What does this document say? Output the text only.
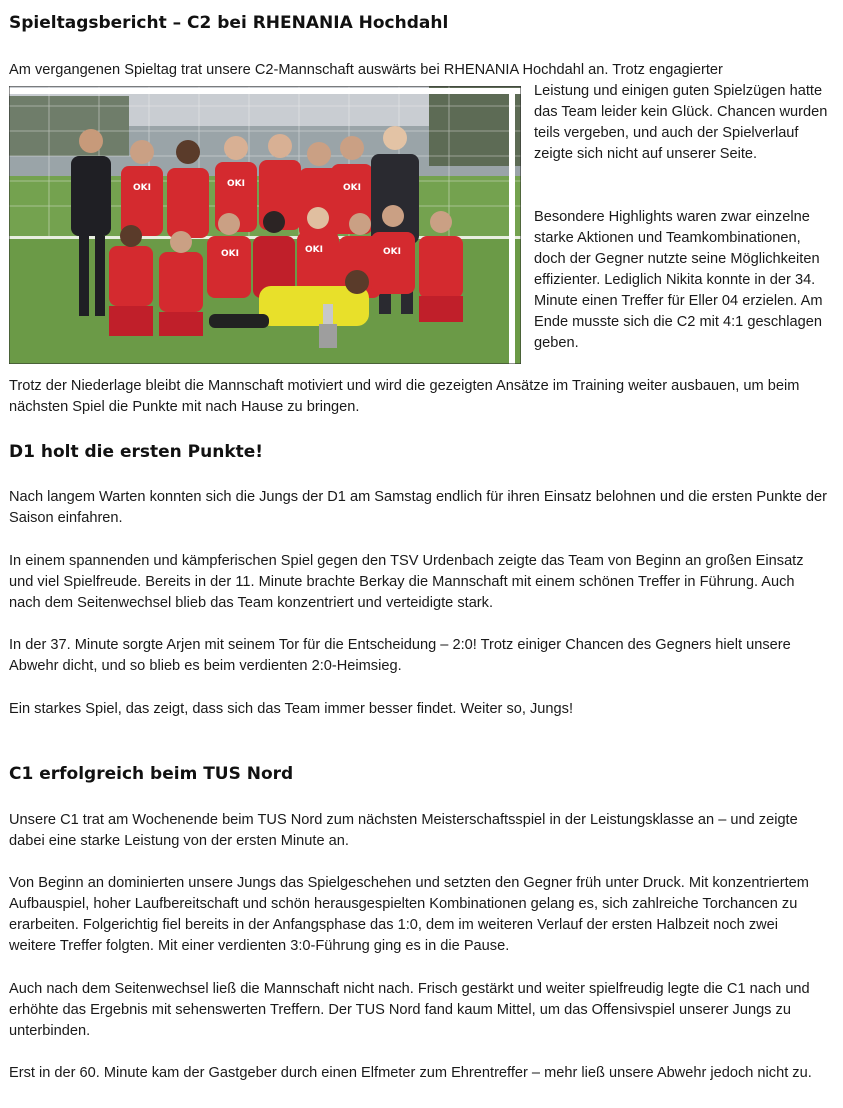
Spieltagsbericht – C2 bei RHENANIA Hochdahl

Am vergangenen Spieltag trat unsere C2-Mannschaft auswärts bei RHENANIA Hochdahl an. Trotz engagierter

OKI	OKI	OKI
OKI	OKI	OKI

Leistung und einigen guten Spielzügen hatte das Team leider kein Glück. Chancen wurden teils vergeben, und auch der Spielverlauf zeigte sich nicht auf unserer Seite.

Besondere Highlights waren zwar einzelne starke Aktionen und Teamkombinationen, doch der Gegner nutzte seine Möglichkeiten effizienter. Lediglich Nikita konnte in der 34. Minute einen Treffer für Eller 04 erzielen. Am Ende musste sich die C2 mit 4:1 geschlagen geben.

Trotz der Niederlage bleibt die Mannschaft motiviert und wird die gezeigten Ansätze im Training weiter ausbauen, um beim nächsten Spiel die Punkte mit nach Hause zu bringen.

D1 holt die ersten Punkte!

Nach langem Warten konnten sich die Jungs der D1 am Samstag endlich für ihren Einsatz belohnen und die ersten Punkte der Saison einfahren.

In einem spannenden und kämpferischen Spiel gegen den TSV Urdenbach zeigte das Team von Beginn an großen Einsatz und viel Spielfreude. Bereits in der 11. Minute brachte Berkay die Mannschaft mit einem schönen Treffer in Führung. Auch nach dem Seitenwechsel blieb das Team konzentriert und verteidigte stark.

In der 37. Minute sorgte Arjen mit seinem Tor für die Entscheidung – 2:0! Trotz einiger Chancen des Gegners hielt unsere Abwehr dicht, und so blieb es beim verdienten 2:0-Heimsieg.

Ein starkes Spiel, das zeigt, dass sich das Team immer besser findet. Weiter so, Jungs!

C1 erfolgreich beim TUS Nord

Unsere C1 trat am Wochenende beim TUS Nord zum nächsten Meisterschaftsspiel in der Leistungsklasse an – und zeigte dabei eine starke Leistung von der ersten Minute an.

Von Beginn an dominierten unsere Jungs das Spielgeschehen und setzten den Gegner früh unter Druck. Mit konzentriertem Aufbauspiel, hoher Laufbereitschaft und schön herausgespielten Kombinationen gelang es, sich zahlreiche Torchancen zu erarbeiten. Folgerichtig fiel bereits in der Anfangsphase das 1:0, dem im weiteren Verlauf der ersten Halbzeit noch zwei weitere Treffer folgten. Mit einer verdienten 3:0-Führung ging es in die Pause.

Auch nach dem Seitenwechsel ließ die Mannschaft nicht nach. Frisch gestärkt und weiter spielfreudig legte die C1 nach und erhöhte das Ergebnis mit sehenswerten Treffern. Der TUS Nord fand kaum Mittel, um das Offensivspiel unserer Jungs zu unterbinden.

Erst in der 60. Minute kam der Gastgeber durch einen Elfmeter zum Ehrentreffer – mehr ließ unsere Abwehr jedoch nicht zu.
